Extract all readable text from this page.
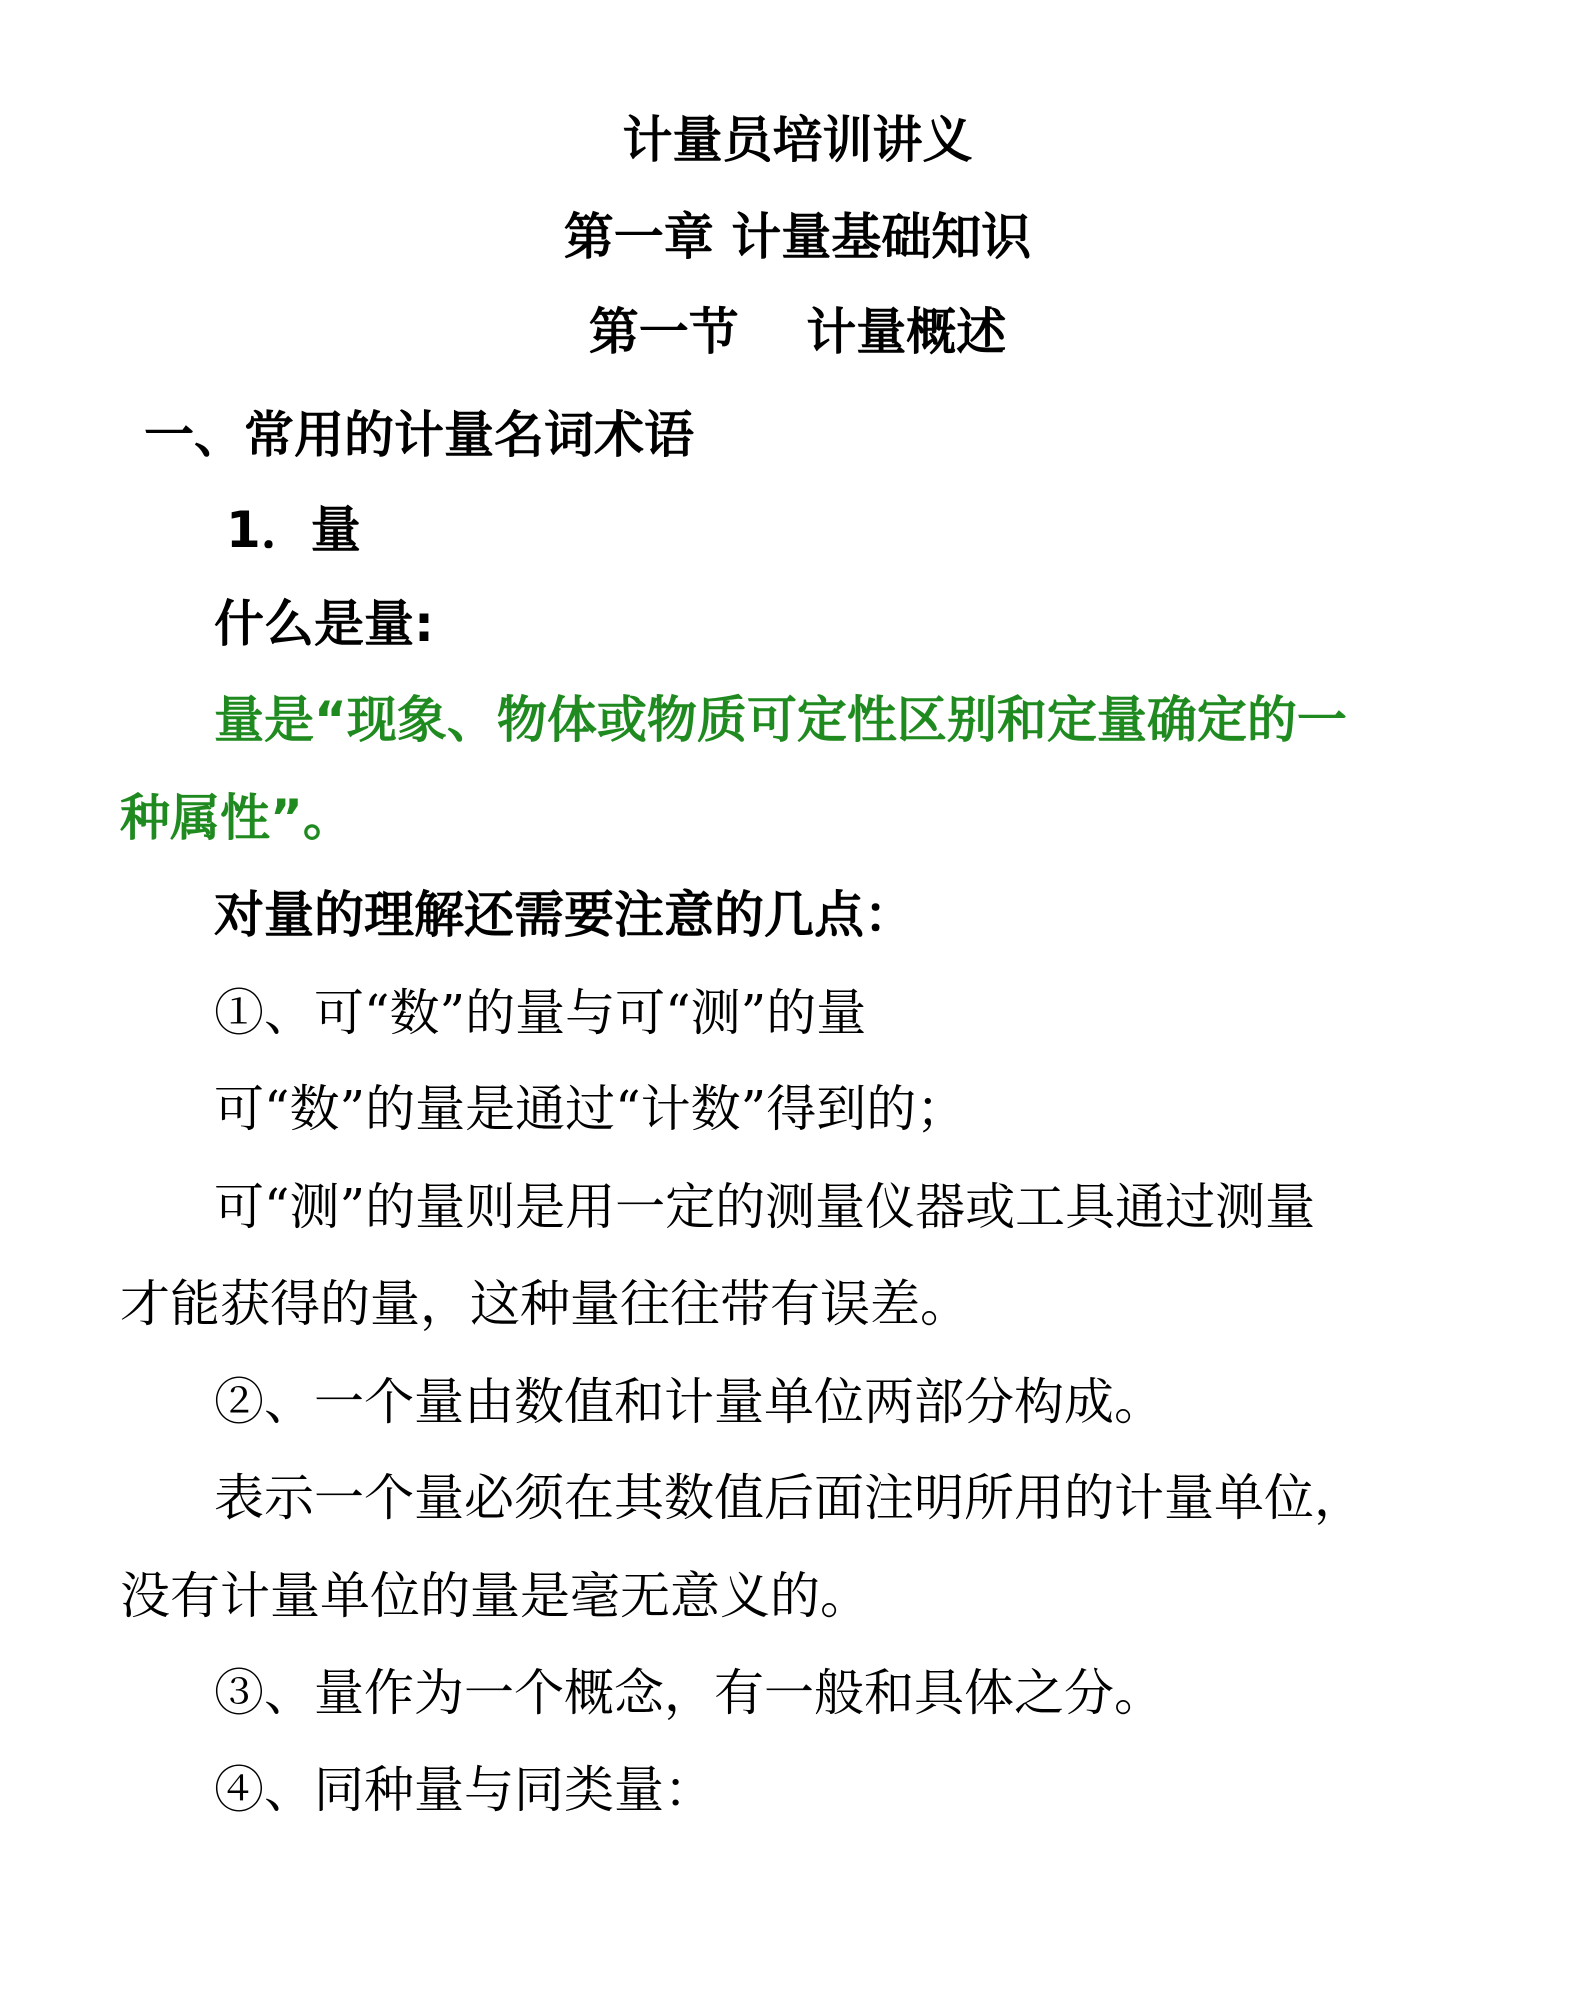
计量员培训讲义
第一章 计量基础知识
第一节　 计量概述
一、常用的计量名词术语
1．量
什么是量:
量是“现象、物体或物质可定性区别和定量确定的一
种属性”。
对量的理解还需要注意的几点：
①、可“数”的量与可“测”的量
可“数”的量是通过“计数”得到的；
可“测”的量则是用一定的测量仪器或工具通过测量
才能获得的量，这种量往往带有误差。
②、一个量由数值和计量单位两部分构成。
表示一个量必须在其数值后面注明所用的计量单位，
没有计量单位的量是毫无意义的。
③、量作为一个概念，有一般和具体之分。
④、同种量与同类量：
